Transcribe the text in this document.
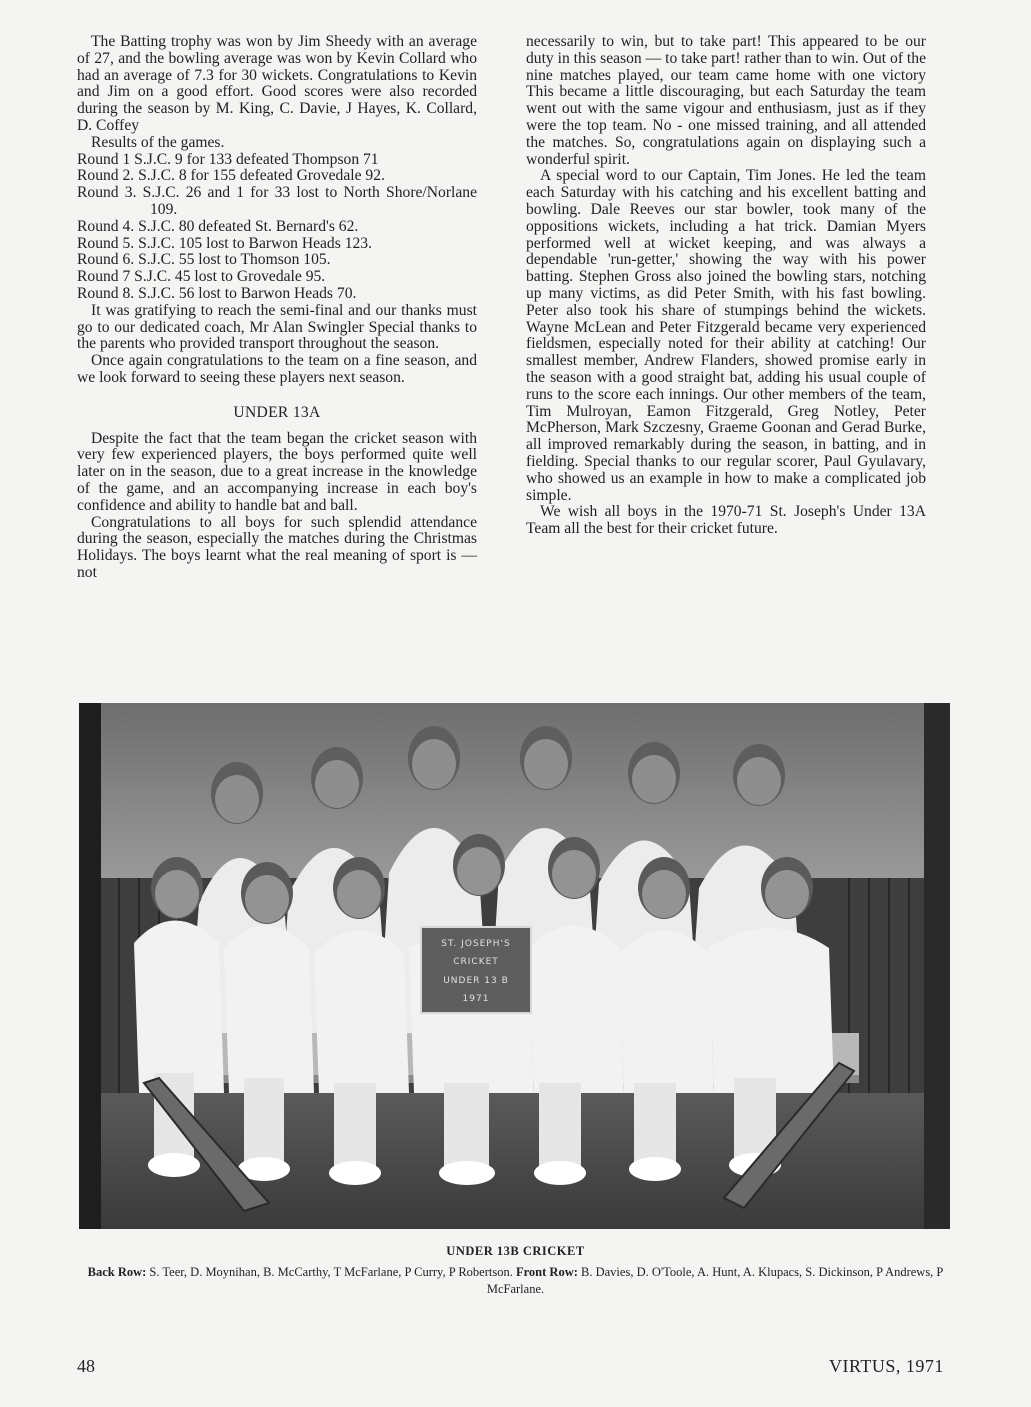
The Batting trophy was won by Jim Sheedy with an average of 27, and the bowling average was won by Kevin Collard who had an average of 7.3 for 30 wickets. Congratulations to Kevin and Jim on a good effort. Good scores were also recorded during the season by M. King, C. Davie, J Hayes, K. Collard, D. Coffey

Results of the games.

Round 1 S.J.C. 9 for 133 defeated Thompson 71
Round 2. S.J.C. 8 for 155 defeated Grovedale 92.
Round 3. S.J.C. 26 and 1 for 33 lost to North Shore/Norlane 109.
Round 4. S.J.C. 80 defeated St. Bernard's 62.
Round 5. S.J.C. 105 lost to Barwon Heads 123.
Round 6. S.J.C. 55 lost to Thomson 105.
Round 7 S.J.C. 45 lost to Grovedale 95.
Round 8. S.J.C. 56 lost to Barwon Heads 70.

It was gratifying to reach the semi-final and our thanks must go to our dedicated coach, Mr Alan Swingler Special thanks to the parents who provided transport throughout the season.

Once again congratulations to the team on a fine season, and we look forward to seeing these players next season.

UNDER 13A

Despite the fact that the team began the cricket season with very few experienced players, the boys performed quite well later on in the season, due to a great increase in the knowledge of the game, and an accompanying increase in each boy's confidence and ability to handle bat and ball.

Congratulations to all boys for such splendid attendance during the season, especially the matches during the Christmas Holidays. The boys learnt what the real meaning of sport is — not

necessarily to win, but to take part! This appeared to be our duty in this season — to take part! rather than to win. Out of the nine matches played, our team came home with one victory This became a little discouraging, but each Saturday the team went out with the same vigour and enthusiasm, just as if they were the top team. No - one missed training, and all attended the matches. So, congratulations again on displaying such a wonderful spirit.

A special word to our Captain, Tim Jones. He led the team each Saturday with his catching and his excellent batting and bowling. Dale Reeves our star bowler, took many of the oppositions wickets, including a hat trick. Damian Myers performed well at wicket keeping, and was always a dependable 'run-getter,' showing the way with his power batting. Stephen Gross also joined the bowling stars, notching up many victims, as did Peter Smith, with his fast bowling. Peter also took his share of stumpings behind the wickets. Wayne McLean and Peter Fitzgerald became very experienced fieldsmen, especially noted for their ability at catching! Our smallest member, Andrew Flanders, showed promise early in the season with a good straight bat, adding his usual couple of runs to the score each innings. Our other members of the team, Tim Mulroyan, Eamon Fitzgerald, Greg Notley, Peter McPherson, Mark Szczesny, Graeme Goonan and Gerad Burke, all improved remarkably during the season, in batting, and in fielding. Special thanks to our regular scorer, Paul Gyulavary, who showed us an example in how to make a complicated job simple.

We wish all boys in the 1970-71 St. Joseph's Under 13A Team all the best for their cricket future.

ST. JOSEPH'S
CRICKET
UNDER 13 B
1971
UNDER 13B CRICKET
Back Row: S. Teer, D. Moynihan, B. McCarthy, T McFarlane, P Curry, P Robertson. Front Row: B. Davies, D. O'Toole, A. Hunt, A. Klupacs, S. Dickinson, P Andrews, P McFarlane.
48	VIRTUS, 1971
